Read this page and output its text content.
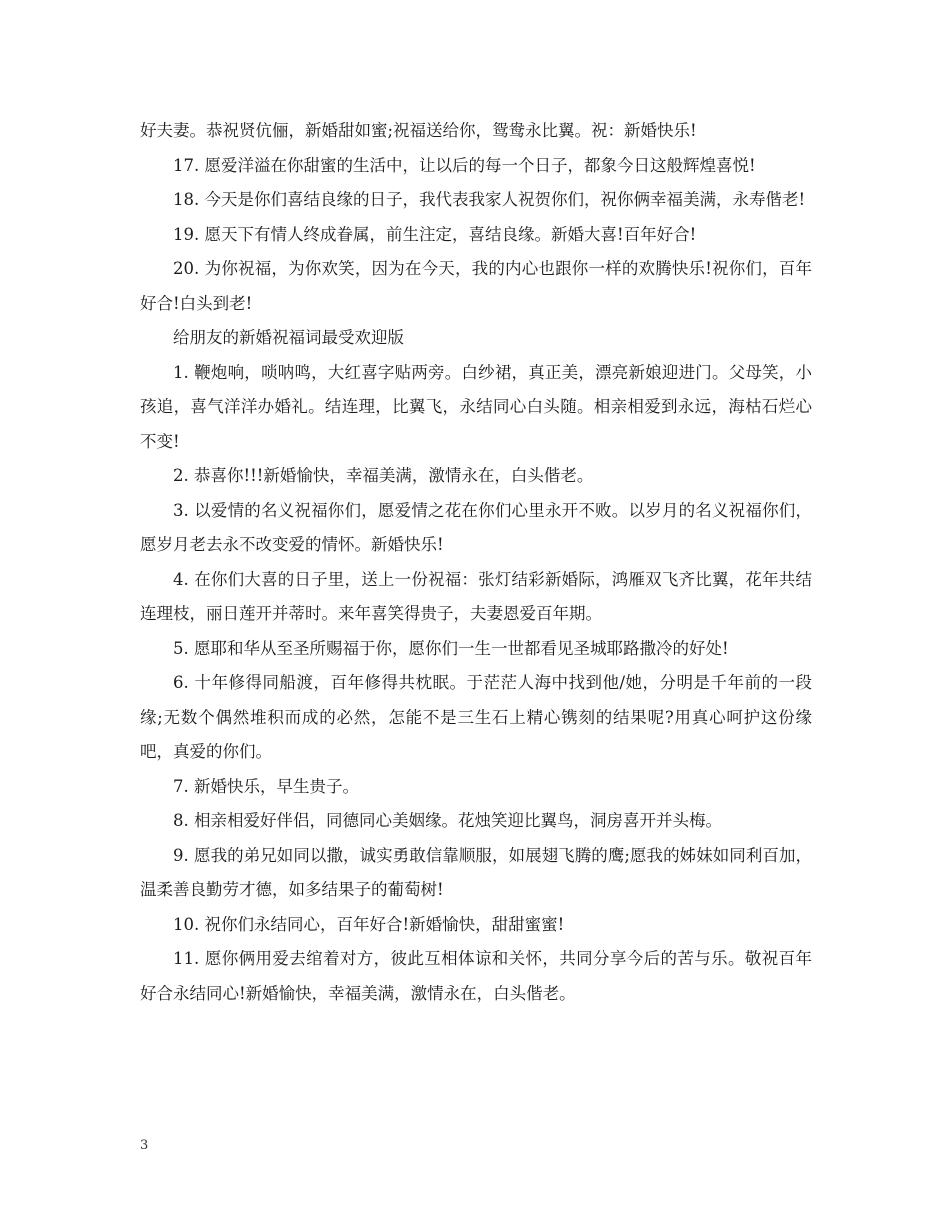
好夫妻。恭祝贤伉俪，新婚甜如蜜;祝福送给你，鸳鸯永比翼。祝：新婚快乐!

17. 愿爱洋溢在你甜蜜的生活中，让以后的每一个日子，都象今日这般辉煌喜悦!

18. 今天是你们喜结良缘的日子，我代表我家人祝贺你们，祝你俩幸福美满，永寿偕老!

19. 愿天下有情人终成眷属，前生注定，喜结良缘。新婚大喜!百年好合!

20. 为你祝福，为你欢笑，因为在今天，我的内心也跟你一样的欢腾快乐!祝你们，百年好合!白头到老!

给朋友的新婚祝福词最受欢迎版

1. 鞭炮响，唢呐鸣，大红喜字贴两旁。白纱裙，真正美，漂亮新娘迎进门。父母笑，小孩追，喜气洋洋办婚礼。结连理，比翼飞，永结同心白头随。相亲相爱到永远，海枯石烂心不变!

2. 恭喜你!!!新婚愉快，幸福美满，激情永在，白头偕老。

3. 以爱情的名义祝福你们，愿爱情之花在你们心里永开不败。以岁月的名义祝福你们，愿岁月老去永不改变爱的情怀。新婚快乐!

4. 在你们大喜的日子里，送上一份祝福：张灯结彩新婚际，鸿雁双飞齐比翼，花年共结连理枝，丽日莲开并蒂时。来年喜笑得贵子，夫妻恩爱百年期。

5. 愿耶和华从至圣所赐福于你，愿你们一生一世都看见圣城耶路撒冷的好处!

6. 十年修得同船渡，百年修得共枕眠。于茫茫人海中找到他/她，分明是千年前的一段缘;无数个偶然堆积而成的必然，怎能不是三生石上精心镌刻的结果呢?用真心呵护这份缘吧，真爱的你们。

7. 新婚快乐，早生贵子。

8. 相亲相爱好伴侣，同德同心美姻缘。花烛笑迎比翼鸟，洞房喜开并头梅。

9. 愿我的弟兄如同以撒，诚实勇敢信靠顺服，如展翅飞腾的鹰;愿我的姊妹如同利百加，温柔善良勤劳才德，如多结果子的葡萄树!

10. 祝你们永结同心，百年好合!新婚愉快，甜甜蜜蜜!

11. 愿你俩用爱去绾着对方，彼此互相体谅和关怀，共同分享今后的苦与乐。敬祝百年好合永结同心!新婚愉快，幸福美满，激情永在，白头偕老。

3
